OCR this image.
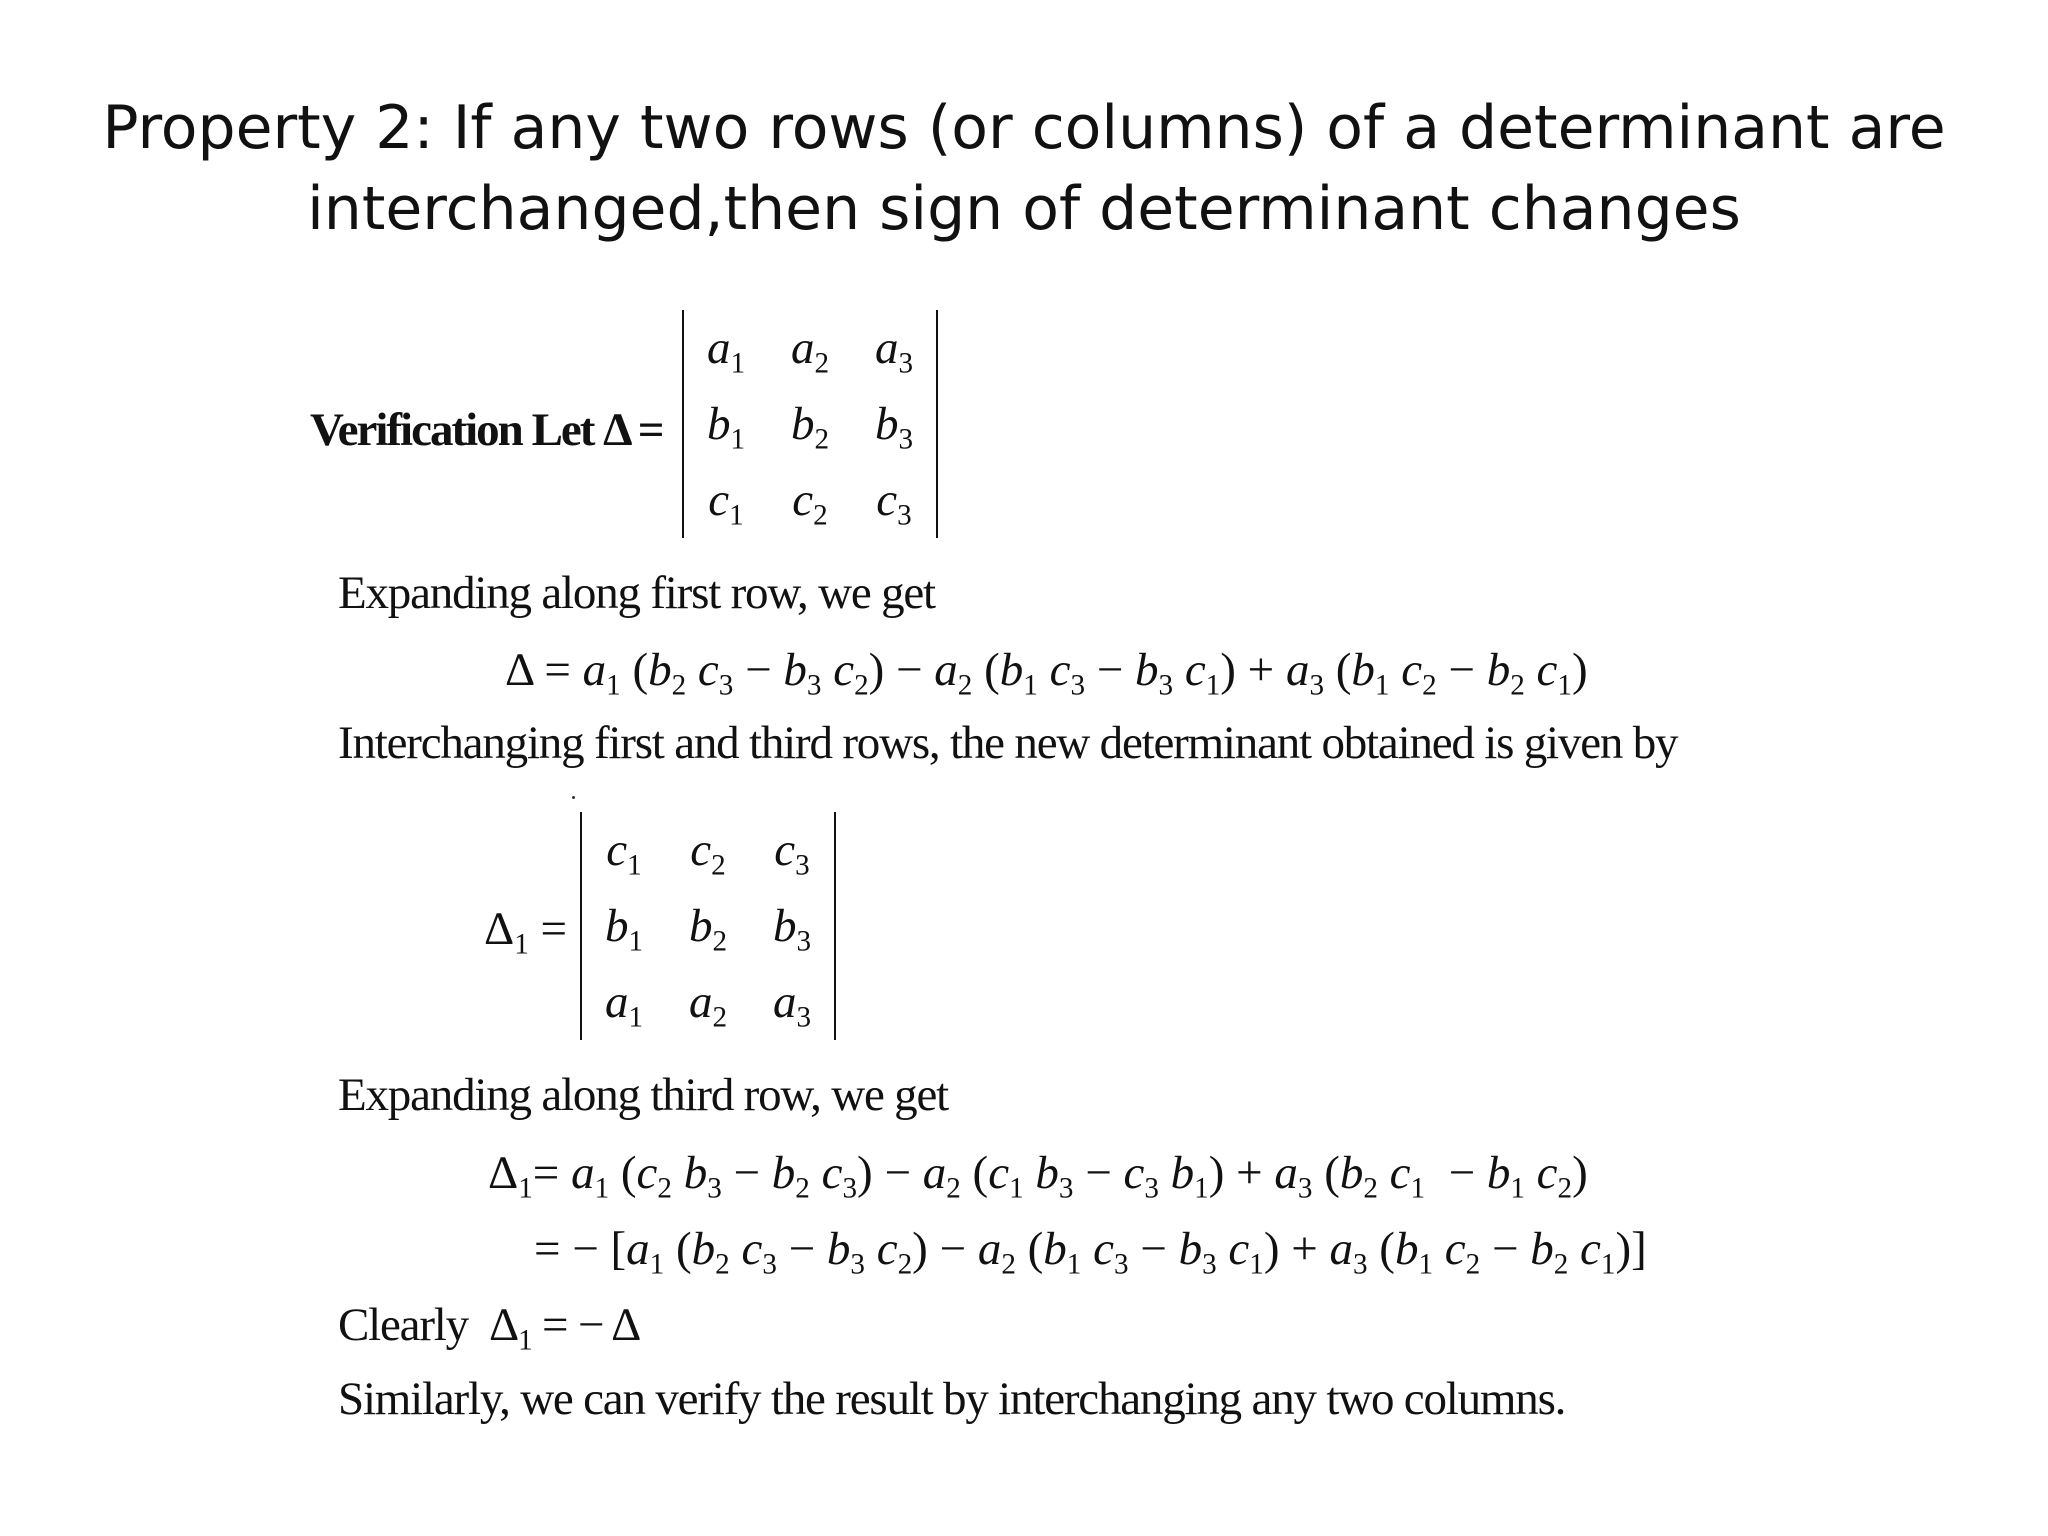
Property 2: If any two rows (or columns) of a determinant are
interchanged,then sign of determinant changes
Verification Let Δ =
$a_1$	$a_2$	$a_3$
$b_1$	$b_2$	$b_3$
$c_1$	$c_2$	$c_3$
Expanding along first row, we get
$\Delta = a_1$ ($b_2$ $c_3 - b_3$ $c_2) - a_2$ ($b_1$ $c_3 - b_3$ $c_1) + a_3$ ($b_1$ $c_2 - b_2$ $c_1$)
Interchanging first and third rows, the new determinant obtained is given by
$\Delta_1$ =
$c_1$	$c_2$	$c_3$
$b_1$	$b_2$	$b_3$
$a_1$	$a_2$	$a_3$
Expanding along third row, we get
$\Delta_1= a_1$ ($c_2$ $b_3 - b_2$ $c_3) - a_2$ ($c_1$ $b_3 - c_3$ $b_1) + a_3$ ($b_2$ $c_1 - b_1$ $c_2$)
= − [$a_1$ ($b_2$ $c_3 - b_3$ $c_2) - a_2$ ($b_1$ $c_3 - b_3$ $c_1) + a_3$ ($b_1$ $c_2 - b_2$ $c_1$)]
Clearly  $\Delta_1$ = − Δ
Similarly, we can verify the result by interchanging any two columns.
